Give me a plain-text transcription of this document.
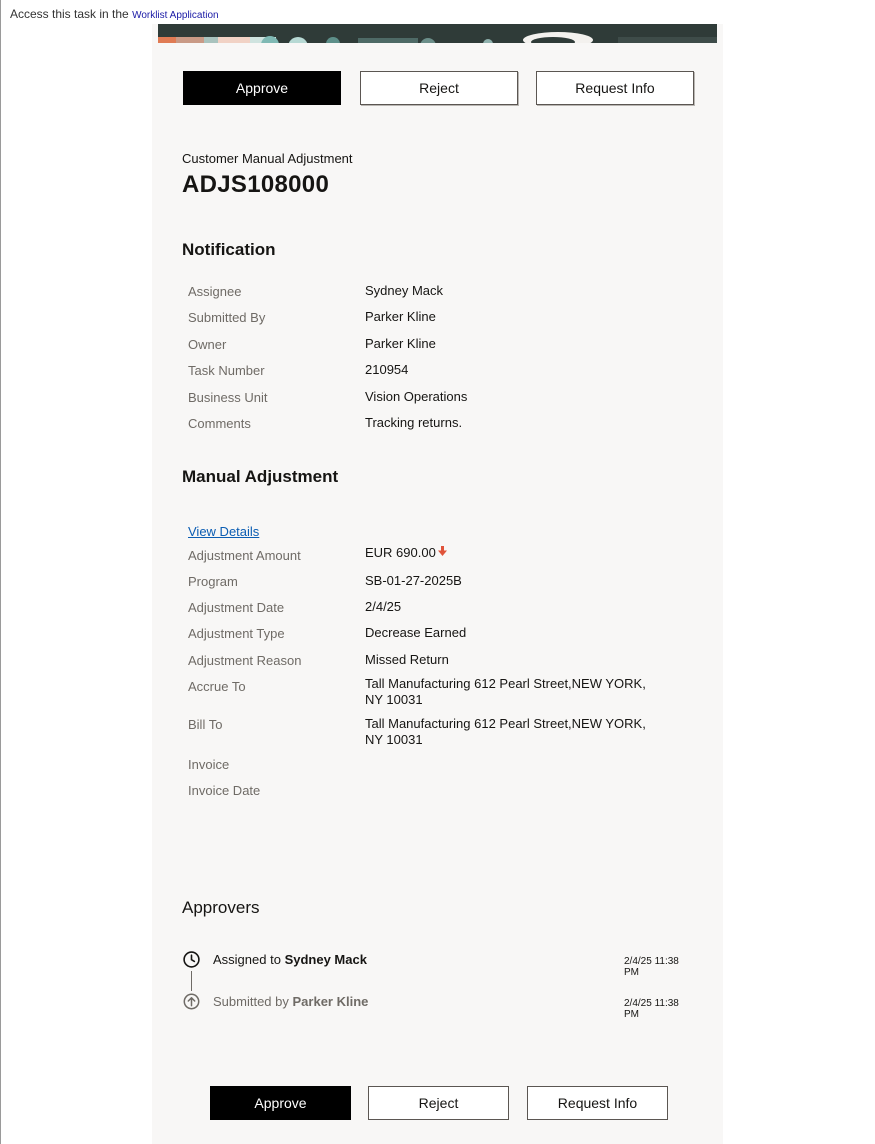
Access this task in the Worklist Application
Approve	Reject	Request Info
Customer Manual Adjustment
ADJS108000
Notification
Assignee	Sydney Mack
Submitted By	Parker Kline
Owner	Parker Kline
Task Number	210954
Business Unit	Vision Operations
Comments	Tracking returns.
Manual Adjustment
View Details
Adjustment Amount	EUR 690.00
Program	SB-01-27-2025B
Adjustment Date	2/4/25
Adjustment Type	Decrease Earned
Adjustment Reason	Missed Return
Accrue To	Tall Manufacturing 612 Pearl Street,NEW YORK, NY 10031
Bill To	Tall Manufacturing 612 Pearl Street,NEW YORK, NY 10031
Invoice
Invoice Date
Approvers
Assigned to Sydney Mack	2/4/25 11:38 PM
Submitted by Parker Kline	2/4/25 11:38 PM
Approve	Reject	Request Info
